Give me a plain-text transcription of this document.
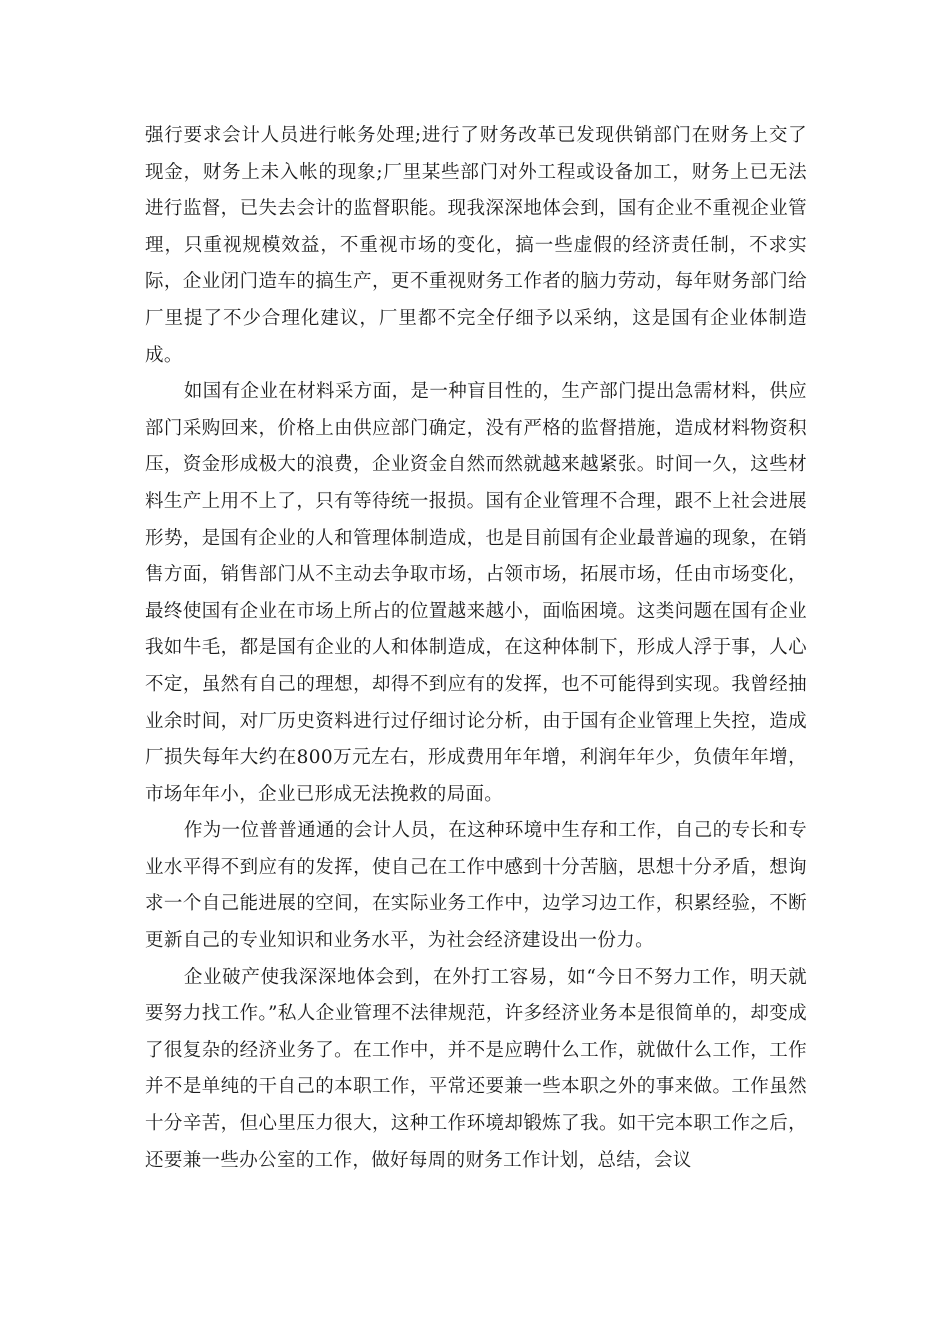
强行要求会计人员进行帐务处理;进行了财务改革已发现供销部门在财务上交了现金，财务上未入帐的现象;厂里某些部门对外工程或设备加工，财务上已无法进行监督，已失去会计的监督职能。现我深深地体会到，国有企业不重视企业管理，只重视规模效益，不重视市场的变化，搞一些虚假的经济责任制，不求实际，企业闭门造车的搞生产，更不重视财务工作者的脑力劳动，每年财务部门给厂里提了不少合理化建议，厂里都不完全仔细予以采纳，这是国有企业体制造成。

如国有企业在材料采方面，是一种盲目性的，生产部门提出急需材料，供应部门采购回来，价格上由供应部门确定，没有严格的监督措施，造成材料物资积压，资金形成极大的浪费，企业资金自然而然就越来越紧张。时间一久，这些材料生产上用不上了，只有等待统一报损。国有企业管理不合理，跟不上社会进展形势，是国有企业的人和管理体制造成，也是目前国有企业最普遍的现象，在销售方面，销售部门从不主动去争取市场，占领市场，拓展市场，任由市场变化，最终使国有企业在市场上所占的位置越来越小，面临困境。这类问题在国有企业我如牛毛，都是国有企业的人和体制造成，在这种体制下，形成人浮于事，人心不定，虽然有自己的理想，却得不到应有的发挥，也不可能得到实现。我曾经抽业余时间，对厂历史资料进行过仔细讨论分析，由于国有企业管理上失控，造成厂损失每年大约在800万元左右，形成费用年年增，利润年年少，负债年年增，市场年年小，企业已形成无法挽救的局面。

作为一位普普通通的会计人员，在这种环境中生存和工作，自己的专长和专业水平得不到应有的发挥，使自己在工作中感到十分苦脑，思想十分矛盾，想询求一个自己能进展的空间，在实际业务工作中，边学习边工作，积累经验，不断更新自己的专业知识和业务水平，为社会经济建设出一份力。

企业破产使我深深地体会到，在外打工容易，如“今日不努力工作，明天就要努力找工作。”私人企业管理不法律规范，许多经济业务本是很简单的，却变成了很复杂的经济业务了。在工作中，并不是应聘什么工作，就做什么工作，工作并不是单纯的干自己的本职工作，平常还要兼一些本职之外的事来做。工作虽然十分辛苦，但心里压力很大，这种工作环境却锻炼了我。如干完本职工作之后，还要兼一些办公室的工作，做好每周的财务工作计划，总结，会议
